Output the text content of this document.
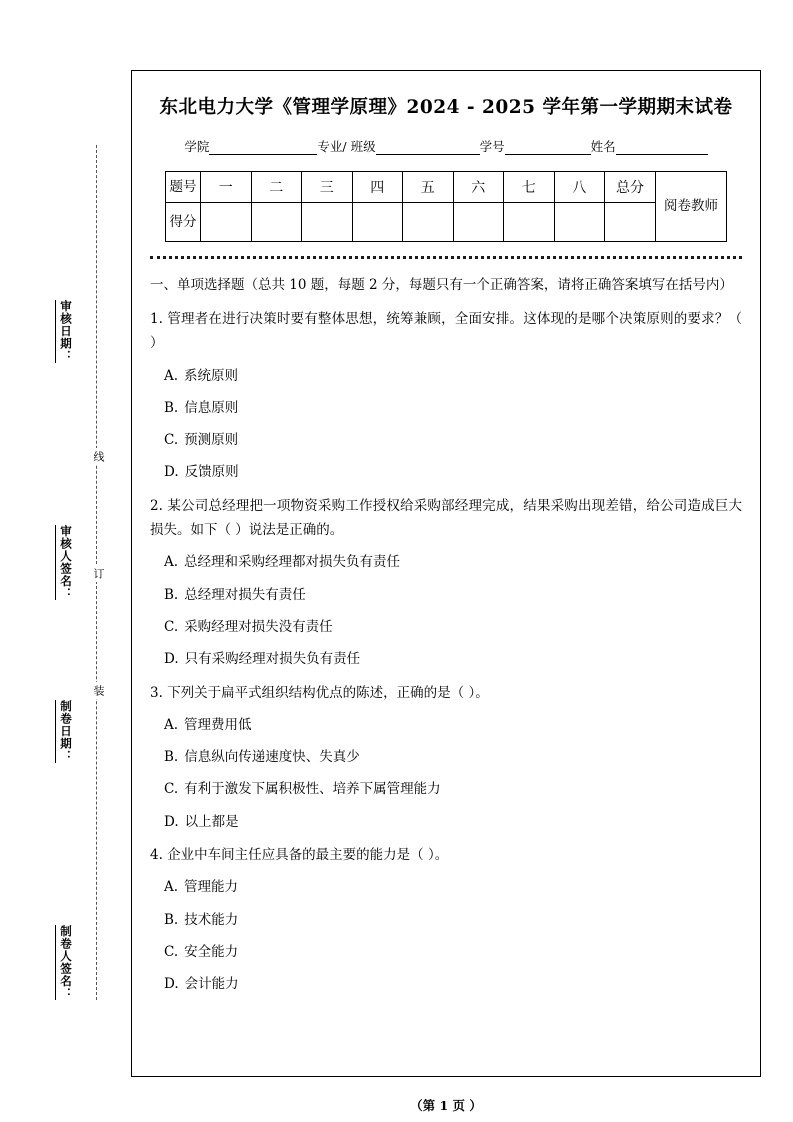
审核日期：
审核人签名：
制卷日期：
制卷人签名：
线
订
装
东北电力大学《管理学原理》2024 - 2025 学年第一学期期末试卷
学院	专业/ 班级	学号	姓名
题号	一	二	三	四	五	六	七	八	总分	阅卷教师
得分										
一、单项选择题（总共 10 题，每题 2 分，每题只有一个正确答案，请将正确答案填写在括号内）
1. 管理者在进行决策时要有整体思想，统筹兼顾，全面安排。这体现的是哪个决策原则的要求？（ ）
A. 系统原则
B. 信息原则
C. 预测原则
D. 反馈原则
2. 某公司总经理把一项物资采购工作授权给采购部经理完成，结果采购出现差错，给公司造成巨大损失。如下（ ）说法是正确的。
A. 总经理和采购经理都对损失负有责任
B. 总经理对损失有责任
C. 采购经理对损失没有责任
D. 只有采购经理对损失负有责任
3. 下列关于扁平式组织结构优点的陈述，正确的是（ ）。
A. 管理费用低
B. 信息纵向传递速度快、失真少
C. 有利于激发下属积极性、培养下属管理能力
D. 以上都是
4. 企业中车间主任应具备的最主要的能力是（ ）。
A. 管理能力
B. 技术能力
C. 安全能力
D. 会计能力
（第 1 页 ）
